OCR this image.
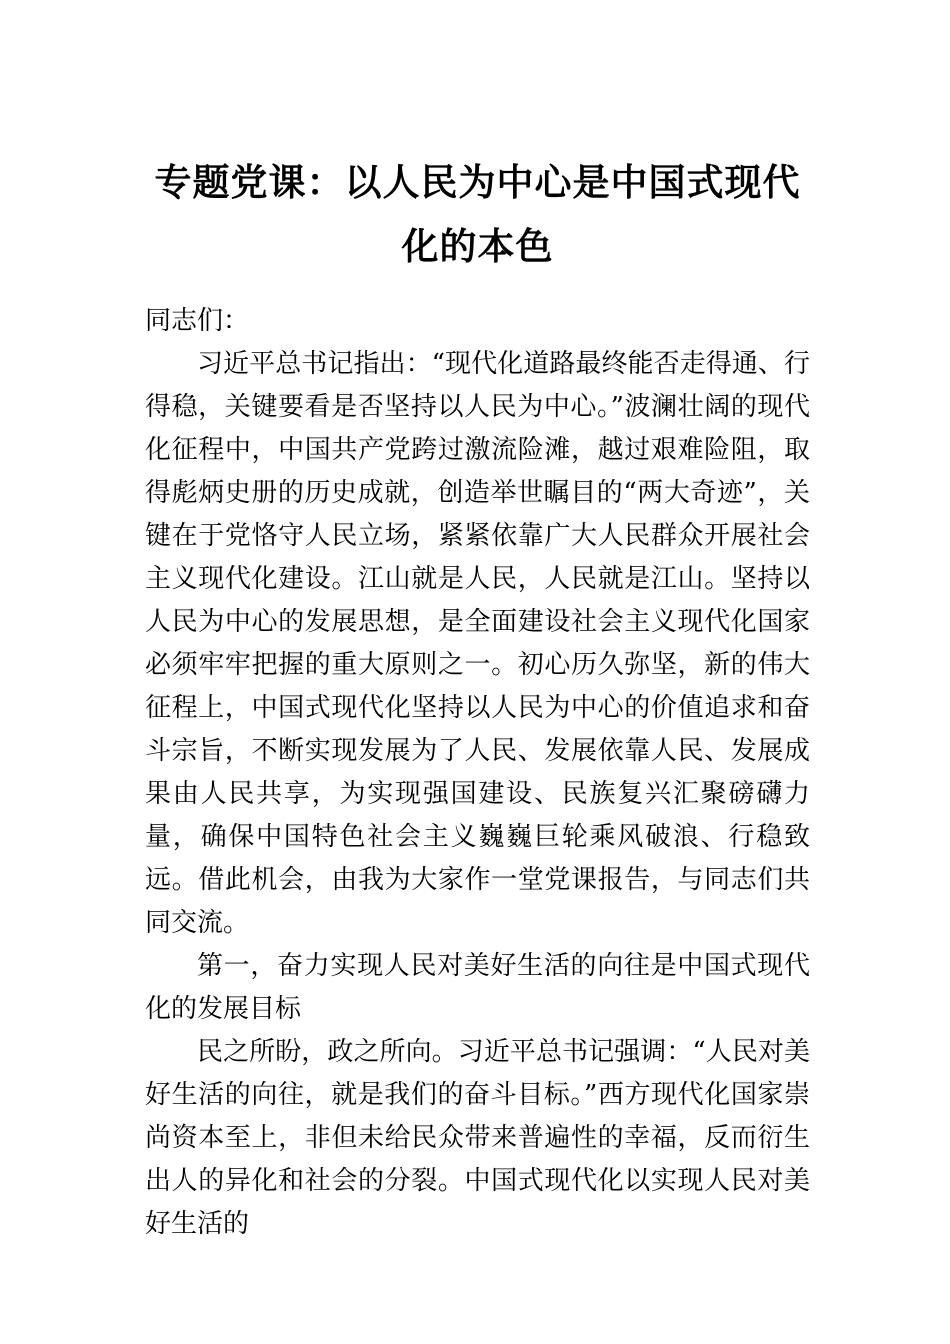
专题党课：以人民为中心是中国式现代化的本色

同志们：

习近平总书记指出：“现代化道路最终能否走得通、行得稳，关键要看是否坚持以人民为中心。”波澜壮阔的现代化征程中，中国共产党跨过激流险滩，越过艰难险阻，取得彪炳史册的历史成就，创造举世瞩目的“两大奇迹”，关键在于党恪守人民立场，紧紧依靠广大人民群众开展社会主义现代化建设。江山就是人民，人民就是江山。坚持以人民为中心的发展思想，是全面建设社会主义现代化国家必须牢牢把握的重大原则之一。初心历久弥坚，新的伟大征程上，中国式现代化坚持以人民为中心的价值追求和奋斗宗旨，不断实现发展为了人民、发展依靠人民、发展成果由人民共享，为实现强国建设、民族复兴汇聚磅礴力量，确保中国特色社会主义巍巍巨轮乘风破浪、行稳致远。借此机会，由我为大家作一堂党课报告，与同志们共同交流。

第一，奋力实现人民对美好生活的向往是中国式现代化的发展目标

民之所盼，政之所向。习近平总书记强调：“人民对美好生活的向往，就是我们的奋斗目标。”西方现代化国家崇尚资本至上，非但未给民众带来普遍性的幸福，反而衍生出人的异化和社会的分裂。中国式现代化以实现人民对美好生活的
